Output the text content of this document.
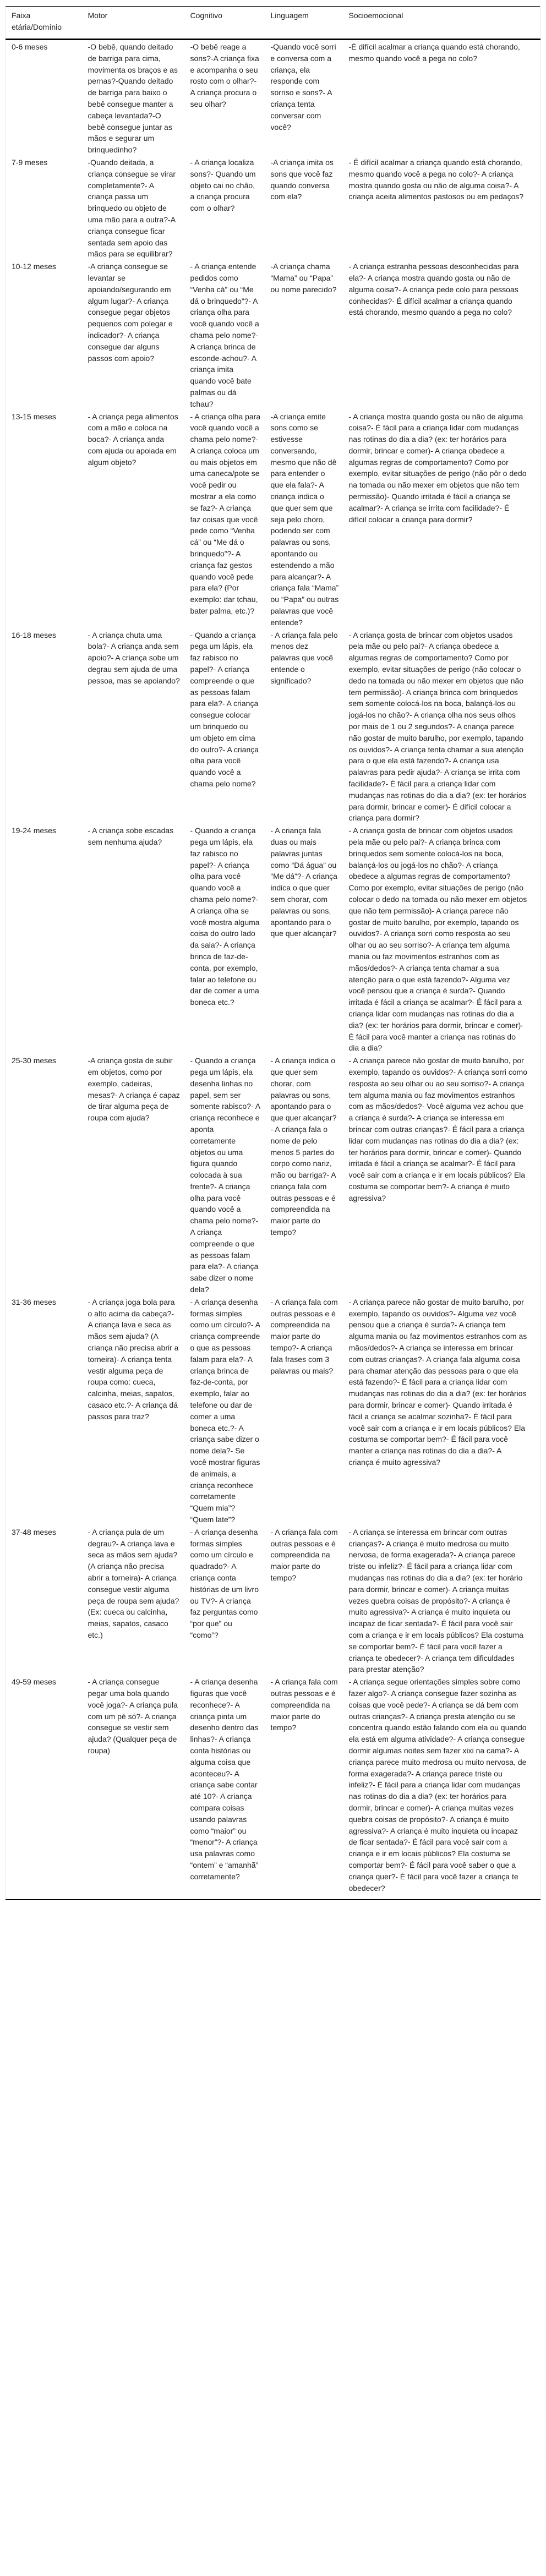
Faixa etária/Domínio	Motor	Cognitivo	Linguagem	Socioemocional
0-6 meses	-O bebê, quando deitado de barriga para cima, movimenta os braços e as pernas?-Quando deitado de barriga para baixo o bebê consegue manter a cabeça levantada?-O bebê consegue juntar as mãos e segurar um brinquedinho?	-O bebê reage a sons?-A criança fixa e acompanha o seu rosto com o olhar?-A criança procura o seu olhar?	-Quando você sorri e conversa com a criança, ela responde com sorriso e sons?- A criança tenta conversar com você?	-É difícil acalmar a criança quando está chorando, mesmo quando você a pega no colo?
7-9 meses	-Quando deitada, a criança consegue se virar completamente?- A criança passa um brinquedo ou objeto de uma mão para a outra?-A criança consegue ficar sentada sem apoio das mãos para se equilibrar?	- A criança localiza sons?- Quando um objeto cai no chão, a criança procura com o olhar?	-A criança imita os sons que você faz quando conversa com ela?	- É difícil acalmar a criança quando está chorando, mesmo quando você a pega no colo?- A criança mostra quando gosta ou não de alguma coisa?- A criança aceita alimentos pastosos ou em pedaços?
10-12 meses	-A criança consegue se levantar se apoiando/segurando em algum lugar?- A criança consegue pegar objetos pequenos com polegar e indicador?- A criança consegue dar alguns passos com apoio?	- A criança entende pedidos como “Venha cá” ou “Me dá o brinquedo”?- A criança olha para você quando você a chama pelo nome?- A criança brinca de esconde-achou?- A criança imita quando você bate palmas ou dá tchau?	-A criança chama “Mama” ou “Papa” ou nome parecido?	- A criança estranha pessoas desconhecidas para ela?- A criança mostra quando gosta ou não de alguma coisa?- A criança pede colo para pessoas conhecidas?- É difícil acalmar a criança quando está chorando, mesmo quando a pega no colo?
13-15 meses	- A criança pega alimentos com a mão e coloca na boca?- A criança anda com ajuda ou apoiada em algum objeto?	- A criança olha para você quando você a chama pelo nome?- A criança coloca um ou mais objetos em uma caneca/pote se você pedir ou mostrar a ela como se faz?- A criança faz coisas que você pede como “Venha cá” ou “Me dá o brinquedo”?- A criança faz gestos quando você pede para ela? (Por exemplo: dar tchau, bater palma, etc.)?	-A criança emite sons como se estivesse conversando, mesmo que não dê para entender o que ela fala?- A criança indica o que quer sem que seja pelo choro, podendo ser com palavras ou sons, apontando ou estendendo a mão para alcançar?- A criança fala “Mama” ou “Papa” ou outras palavras que você entende?	- A criança mostra quando gosta ou não de alguma coisa?- É fácil para a criança lidar com mudanças nas rotinas do dia a dia? (ex: ter horários para dormir, brincar e comer)- A criança obedece a algumas regras de comportamento? Como por exemplo, evitar situações de perigo (não pôr o dedo na tomada ou não mexer em objetos que não tem permissão)- Quando irritada é fácil a criança se acalmar?- A criança se irrita com facilidade?- É difícil colocar a criança para dormir?
16-18 meses	- A criança chuta uma bola?- A criança anda sem apoio?- A criança sobe um degrau sem ajuda de uma pessoa, mas se apoiando?	- Quando a criança pega um lápis, ela faz rabisco no papel?- A criança compreende o que as pessoas falam para ela?- A criança consegue colocar um brinquedo ou um objeto em cima do outro?- A criança olha para você quando você a chama pelo nome?	- A criança fala pelo menos dez palavras que você entende o significado?	- A criança gosta de brincar com objetos usados pela mãe ou pelo pai?- A criança obedece a algumas regras de comportamento? Como por exemplo, evitar situações de perigo (não colocar o dedo na tomada ou não mexer em objetos que não tem permissão)- A criança brinca com brinquedos sem somente colocá-los na boca, balançá-los ou jogá-los no chão?- A criança olha nos seus olhos por mais de 1 ou 2 segundos?- A criança parece não gostar de muito barulho, por exemplo, tapando os ouvidos?- A criança tenta chamar a sua atenção para o que ela está fazendo?- A criança usa palavras para pedir ajuda?- A criança se irrita com facilidade?- É fácil para a criança lidar com mudanças nas rotinas do dia a dia? (ex: ter horários para dormir, brincar e comer)- É difícil colocar a criança para dormir?
19-24 meses	- A criança sobe escadas sem nenhuma ajuda?	- Quando a criança pega um lápis, ela faz rabisco no papel?- A criança olha para você quando você a chama pelo nome?- A criança olha se você mostra alguma coisa do outro lado da sala?- A criança brinca de faz-de-conta, por exemplo, falar ao telefone ou dar de comer a uma boneca etc.?	- A criança fala duas ou mais palavras juntas como “Dá água” ou “Me dá”?- A criança indica o que quer sem chorar, com palavras ou sons, apontando para o que quer alcançar?	- A criança gosta de brincar com objetos usados pela mãe ou pelo pai?- A criança brinca com brinquedos sem somente colocá-los na boca, balançá-los ou jogá-los no chão?- A criança obedece a algumas regras de comportamento? Como por exemplo, evitar situações de perigo (não colocar o dedo na tomada ou não mexer em objetos que não tem permissão)- A criança parece não gostar de muito barulho, por exemplo, tapando os ouvidos?- A criança sorri como resposta ao seu olhar ou ao seu sorriso?- A criança tem alguma mania ou faz movimentos estranhos com as mãos/dedos?- A criança tenta chamar a sua atenção para o que está fazendo?- Alguma vez você pensou que a criança é surda?- Quando irritada é fácil a criança se acalmar?- É fácil para a criança lidar com mudanças nas rotinas do dia a dia? (ex: ter horários para dormir, brincar e comer)- É fácil para você manter a criança nas rotinas do dia a dia?
25-30 meses	-A criança gosta de subir em objetos, como por exemplo, cadeiras, mesas?- A criança é capaz de tirar alguma peça de roupa com ajuda?	- Quando a criança pega um lápis, ela desenha linhas no papel, sem ser somente rabisco?- A criança reconhece e aponta corretamente objetos ou uma figura quando colocada à sua frente?- A criança olha para você quando você a chama pelo nome?- A criança compreende o que as pessoas falam para ela?- A criança sabe dizer o nome dela?	- A criança indica o que quer sem chorar, com palavras ou sons, apontando para o que quer alcançar?- A criança fala o nome de pelo menos 5 partes do corpo como nariz, mão ou barriga?- A criança fala com outras pessoas e é compreendida na maior parte do tempo?	- A criança parece não gostar de muito barulho, por exemplo, tapando os ouvidos?- A criança sorri como resposta ao seu olhar ou ao seu sorriso?- A criança tem alguma mania ou faz movimentos estranhos com as mãos/dedos?- Você alguma vez achou que a criança é surda?- A criança se interessa em brincar com outras crianças?- É fácil para a criança lidar com mudanças nas rotinas do dia a dia? (ex: ter horários para dormir, brincar e comer)- Quando irritada é fácil a criança se acalmar?- É fácil para você sair com a criança e ir em locais públicos? Ela costuma se comportar bem?- A criança é muito agressiva?
31-36 meses	- A criança joga bola para o alto acima da cabeça?- A criança lava e seca as mãos sem ajuda? (A criança não precisa abrir a torneira)- A criança tenta vestir alguma peça de roupa como: cueca, calcinha, meias, sapatos, casaco etc.?- A criança dá passos para traz?	- A criança desenha formas simples como um círculo?- A criança compreende o que as pessoas falam para ela?- A criança brinca de faz-de-conta, por exemplo, falar ao telefone ou dar de comer a uma boneca etc.?- A criança sabe dizer o nome dela?- Se você mostrar figuras de animais, a criança reconhece corretamente “Quem mia”? “Quem late”?	- A criança fala com outras pessoas e é compreendida na maior parte do tempo?- A criança fala frases com 3 palavras ou mais?	- A criança parece não gostar de muito barulho, por exemplo, tapando os ouvidos?- Alguma vez você pensou que a criança é surda?- A criança tem alguma mania ou faz movimentos estranhos com as mãos/dedos?- A criança se interessa em brincar com outras crianças?- A criança fala alguma coisa para chamar atenção das pessoas para o que ela está fazendo?- É fácil para a criança lidar com mudanças nas rotinas do dia a dia? (ex: ter horários para dormir, brincar e comer)- Quando irritada é fácil a criança se acalmar sozinha?- É fácil para você sair com a criança e ir em locais públicos? Ela costuma se comportar bem?- É fácil para você manter a criança nas rotinas do dia a dia?- A criança é muito agressiva?
37-48 meses	- A criança pula de um degrau?- A criança lava e seca as mãos sem ajuda? (A criança não precisa abrir a torneira)- A criança consegue vestir alguma peça de roupa sem ajuda? (Ex: cueca ou calcinha, meias, sapatos, casaco etc.)	- A criança desenha formas simples como um círculo e quadrado?- A criança conta histórias de um livro ou TV?- A criança faz perguntas como “por que” ou “como”?	- A criança fala com outras pessoas e é compreendida na maior parte do tempo?	- A criança se interessa em brincar com outras crianças?- A criança é muito medrosa ou muito nervosa, de forma exagerada?- A criança parece triste ou infeliz?- É fácil para a criança lidar com mudanças nas rotinas do dia a dia? (ex: ter horário para dormir, brincar e comer)- A criança muitas vezes quebra coisas de propósito?- A criança é muito agressiva?- A criança é muito inquieta ou incapaz de ficar sentada?- É fácil para você sair com a criança e ir em locais públicos? Ela costuma se comportar bem?- É fácil para você fazer a criança te obedecer?- A criança tem dificuldades para prestar atenção?
49-59 meses	- A criança consegue pegar uma bola quando você joga?- A criança pula com um pé só?- A criança consegue se vestir sem ajuda? (Qualquer peça de roupa)	- A criança desenha figuras que você reconhece?- A criança pinta um desenho dentro das linhas?- A criança conta histórias ou alguma coisa que aconteceu?- A criança sabe contar até 10?- A criança compara coisas usando palavras como “maior” ou “menor”?- A criança usa palavras como “ontem” e “amanhã” corretamente?	- A criança fala com outras pessoas e é compreendida na maior parte do tempo?	- A criança segue orientações simples sobre como fazer algo?- A criança consegue fazer sozinha as coisas que você pede?- A criança se dá bem com outras crianças?- A criança presta atenção ou se concentra quando estão falando com ela ou quando ela está em alguma atividade?- A criança consegue dormir algumas noites sem fazer xixi na cama?- A criança parece muito medrosa ou muito nervosa, de forma exagerada?- A criança parece triste ou infeliz?- É fácil para a criança lidar com mudanças nas rotinas do dia a dia? (ex: ter horários para dormir, brincar e comer)- A criança muitas vezes quebra coisas de propósito?- A criança é muito agressiva?- A criança é muito inquieta ou incapaz de ficar sentada?- É fácil para você sair com a criança e ir em locais públicos? Ela costuma se comportar bem?- É fácil para você saber o que a criança quer?- É fácil para você fazer a criança te obedecer?
